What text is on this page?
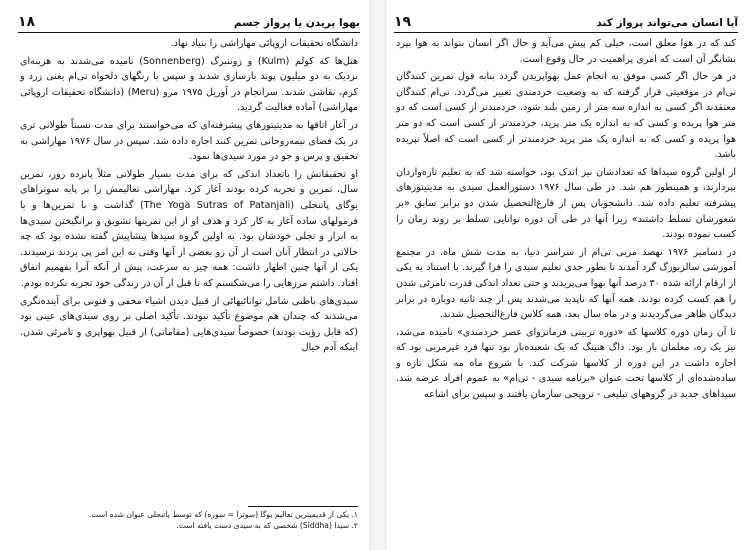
۱۸	بهوا پریدن یا پرواز جسم

دانشگاه تحقیقات اروپائی مهاراشی را بنیاد نهاد.

هتل‌ها که کولم (Kulm) و زوننبرگ (Sonnenberg) نامیده می‌شدند به هزینه‌ای نزدیک به دو میلیون پوند بازسازی شدند و سپس با رنگهای دلخواه تی‌ام یعنی زرد و کرم، نقاشی شدند. سرانجام در آوریل ۱۹۷۵ مرو (Meru) (دانشگاه تحقیقات اروپائی مهاراشی) آماده فعالیت گردید.

در آغاز اتاقها به مدیتیتورهای پیشرفته‌ای که می‌خواستند برای مدت نسبتاً طولانی تری در یک فضای نیمه‌روحانی تمرین کنند اجاره داده شد. سپس در سال ۱۹۷۶ مهاراشی به تحقیق و پرس و جو در مورد سیدی‌ها نمود.

او تحقیقاتش را باتعداد اندکی که برای مدت بسیار طولانی مثلاً پانزده روز، تمرین سال، تمرین و تجربه کرده بودند آغاز کرد. مهاراشی تعالیمش را بر پایه سوتراهای یوگای پاتنجلی (The Yoga Sutras of Patanjali) گذاشت و با تمرین‌ها و یا فرمولهای ساده آغاز به کار کرد و هدف او از این تمرینها تشویق و برانگیختن سیدی‌ها به ابراز و تجلی خودشان بود. به اولین گروه سیدها پیشاپیش گفته نشده بود که چه حالاتی در انتظار آنان است از آن رو بعضی از آنها وقتی به این امر پی بردند ترسیدند. یکی از آنها چنین اظهار داشت: همه چیز به سرعت، پیش از آنکه آنرا بفهمیم اتفاق افتاد. داشتم مرزهایی را می‌شکستم که تا قبل از آن در زندگی خود تجربه نکرده بودم.

سیدی‌های باطنی شامل توانائیهائی از قبیل دیدن اشیاء مخفی و فنونی برای آینده‌نگری می‌شدند که چندان هم موضوع تأکید نبودند. تأکید اصلی بر روی سیدی‌های عینی بود (که قابل رؤیت بودند) خصوصاً سیدی‌هایی (مقاماتی) از قبیل بهواپری و نامرئی شدن. اینکه آدم خیال

۱. یکی از قدیمیترین تعالیم یوگا (سوترا = سوره) که توسط پاتنجلی عنوان شده است.
۲. سیدا (Siddha) شخصی که به سیدی دست یافته است.
۱۹	آیا انسان می‌تواند پرواز کند

کند که در هوا معلق است، خیلی کم پیش می‌آید و حال اگر انسان بتواند به هوا بپرد نشانگر آن است که امری پراهمیت در حال وقوع است.

در هر حال اگر کسی موفق به انجام عمل بهواپریدن گردد بنابه قول تمرین کنندگان تی‌ام در موقعیتی قرار گرفته که به وضعیت خردمندی تعبیر می‌گردد. تی‌ام کنندگان معتقدند اگر کسی به اندازه سه متر از زمین بلند شود، خردمندتر از کسی است که دو متر هوا پریده و کسی که به اندازه یک متر پرید، خردمندتر از کسی است که دو متر هوا پریده و کسی که به اندازه یک متر پرید خردمندتر از کسی است که اصلاً نپریده باشد.

از اولین گروه سیداها که تعدادشان نیز اندک بود، خواسته شد که به تعلیم تازه‌واردان بپردازند، و همینطور هم شد. در طی سال ۱۹۷۶ دستورالعمل سیدی به مدیتیتورهای پیشرفته تعلیم داده شد. دانشجویان پس از فارغ‌التحصیل شدن دو برابر سابق «بر شعورشان تسلط داشتند» زیرا آنها در طی آن دوره توانایی تسلط بر روند زمان را کسب نموده بودند.

در دسامبر ۱۹۷۶ نهصد مربی تی‌ام از سراسر دنیا، به مدت شش ماه، در مجتمع آموزشی سالزبورگ گرد آمدند تا بطور جدی تعلیم سیدی را فرا گیرند. با استناد به یکی از ارقام ارائه شده ۳۰ درصد آنها بهوا می‌پریدند و حتی تعداد اندکی قدرت نامرئی شدن را هم کسب کرده بودند. همه آنها که ناپدید می‌شدند پس از چند ثانیه دوباره در برابر دیدگان ظاهر می‌گردیدند و در ماه سال بعد، همه کلاس فارغ‌التحصیل شدند.

تا آن زمان دوره کلاسها که «دوره تربیتی فرمانروای عصر خردمندی» نامیده می‌شد، نیز یک ره، معلمان باز بود. داگ هنینگ که یک شعبده‌باز بود تنها فرد غیرمربی بود که اجازه داشت در این دوره از کلاسها شرکت کند. با شروع ماه مه شکل تازه و ساده‌شده‌ای از کلاسها تحت عنوان «برنامه سیدی - تی‌ام» به عموم افراد عرضه شد. سیداهای جدید در گروههای تبلیغی - ترویجی سازمان یافتند و سپس برای اشاعه
